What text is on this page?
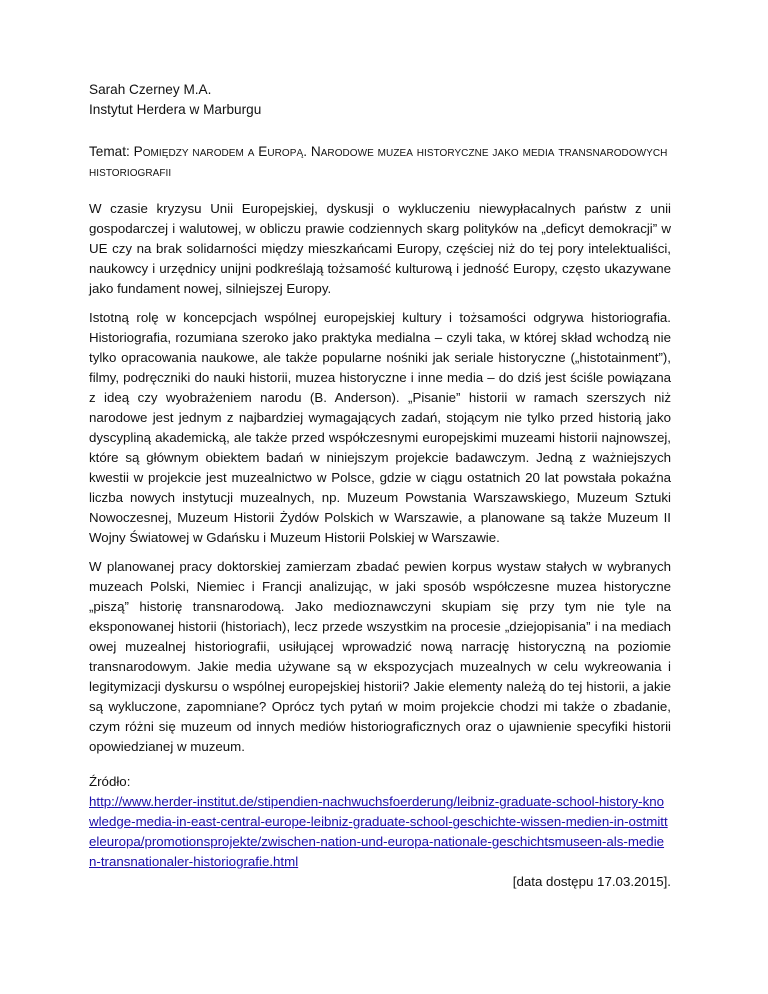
Sarah Czerney M.A.
Instytut Herdera w Marburgu
Temat: Pomiędzy narodem a Europą. Narodowe muzea historyczne jako media transnarodowych historiografii

W czasie kryzysu Unii Europejskiej, dyskusji o wykluczeniu niewypłacalnych państw z unii gospodarczej i walutowej, w obliczu prawie codziennych skarg polityków na „deficyt demokracji” w UE czy na brak solidarności między mieszkańcami Europy, częściej niż do tej pory intelektualiści, naukowcy i urzędnicy unijni podkreślają tożsamość kulturową i jedność Europy, często ukazywane jako fundament nowej, silniejszej Europy.

Istotną rolę w koncepcjach wspólnej europejskiej kultury i tożsamości odgrywa historiografia. Historiografia, rozumiana szeroko jako praktyka medialna – czyli taka, w której skład wchodzą nie tylko opracowania naukowe, ale także popularne nośniki jak seriale historyczne („histotainment”), filmy, podręczniki do nauki historii, muzea historyczne i inne media – do dziś jest ściśle powiązana z ideą czy wyobrażeniem narodu (B. Anderson). „Pisanie” historii w ramach szerszych niż narodowe jest jednym z najbardziej wymagających zadań, stojącym nie tylko przed historią jako dyscypliną akademicką, ale także przed współczesnymi europejskimi muzeami historii najnowszej, które są głównym obiektem badań w niniejszym projekcie badawczym. Jedną z ważniejszych kwestii w projekcie jest muzealnictwo w Polsce, gdzie w ciągu ostatnich 20 lat powstała pokaźna liczba nowych instytucji muzealnych, np. Muzeum Powstania Warszawskiego, Muzeum Sztuki Nowoczesnej, Muzeum Historii Żydów Polskich w Warszawie, a planowane są także Muzeum II Wojny Światowej w Gdańsku i Muzeum Historii Polskiej w Warszawie.

W planowanej pracy doktorskiej zamierzam zbadać pewien korpus wystaw stałych w wybranych muzeach Polski, Niemiec i Francji analizując, w jaki sposób współczesne muzea historyczne „piszą” historię transnarodową. Jako medioznawczyni skupiam się przy tym nie tyle na eksponowanej historii (historiach), lecz przede wszystkim na procesie „dziejopisania” i na mediach owej muzealnej historiografii, usiłującej wprowadzić nową narrację historyczną na poziomie transnarodowym. Jakie media używane są w ekspozycjach muzealnych w celu wykreowania i legitymizacji dyskursu o wspólnej europejskiej historii? Jakie elementy należą do tej historii, a jakie są wykluczone, zapomniane? Oprócz tych pytań w moim projekcie chodzi mi także o zbadanie, czym różni się muzeum od innych mediów historiograficznych oraz o ujawnienie specyfiki historii opowiedzianej w muzeum.

Źródło:
http://www.herder-institut.de/stipendien-nachwuchsfoerderung/leibniz-graduate-school-history-knowledge-media-in-east-central-europe-leibniz-graduate-school-geschichte-wissen-medien-in-ostmitteleuropa/promotionsprojekte/zwischen-nation-und-europa-nationale-geschichtsmuseen-als-medien-transnationaler-historiografie.html
[data dostępu 17.03.2015].
